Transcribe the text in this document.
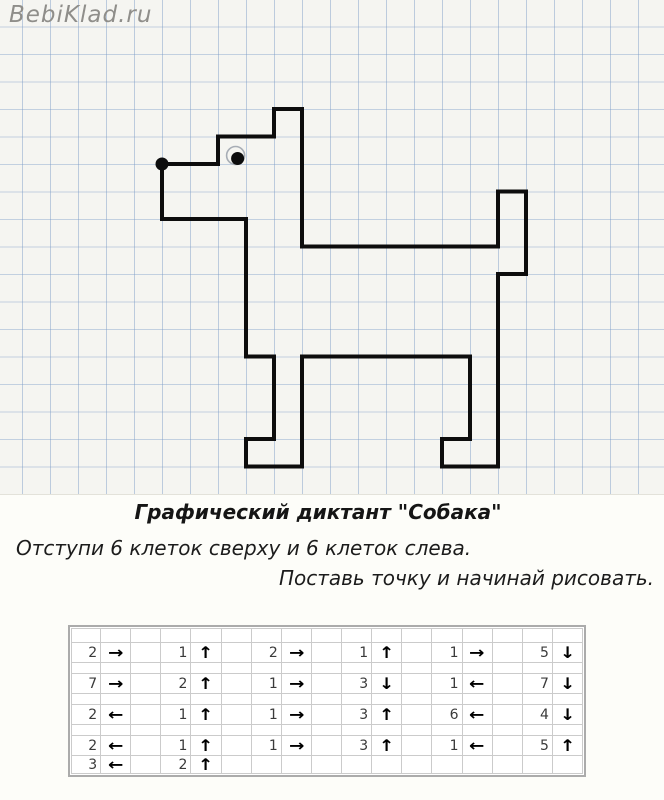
BebiKlad.ru
Графический диктант "Собака"
Отступи 6 клеток сверху и 6 клеток слева.
Поставь точку и начинай рисовать.
2 →	1 ↑	2 →	1 ↑	1 →	5 ↓
7 →	2 ↑	1 →	3 ↓	1 ←	7 ↓
2 ←	1 ↑	1 →	3 ↑	6 ←	4 ↓
2 ←	1 ↑	1 →	3 ↑	1 ←	5 ↑
3 ←	2 ↑
